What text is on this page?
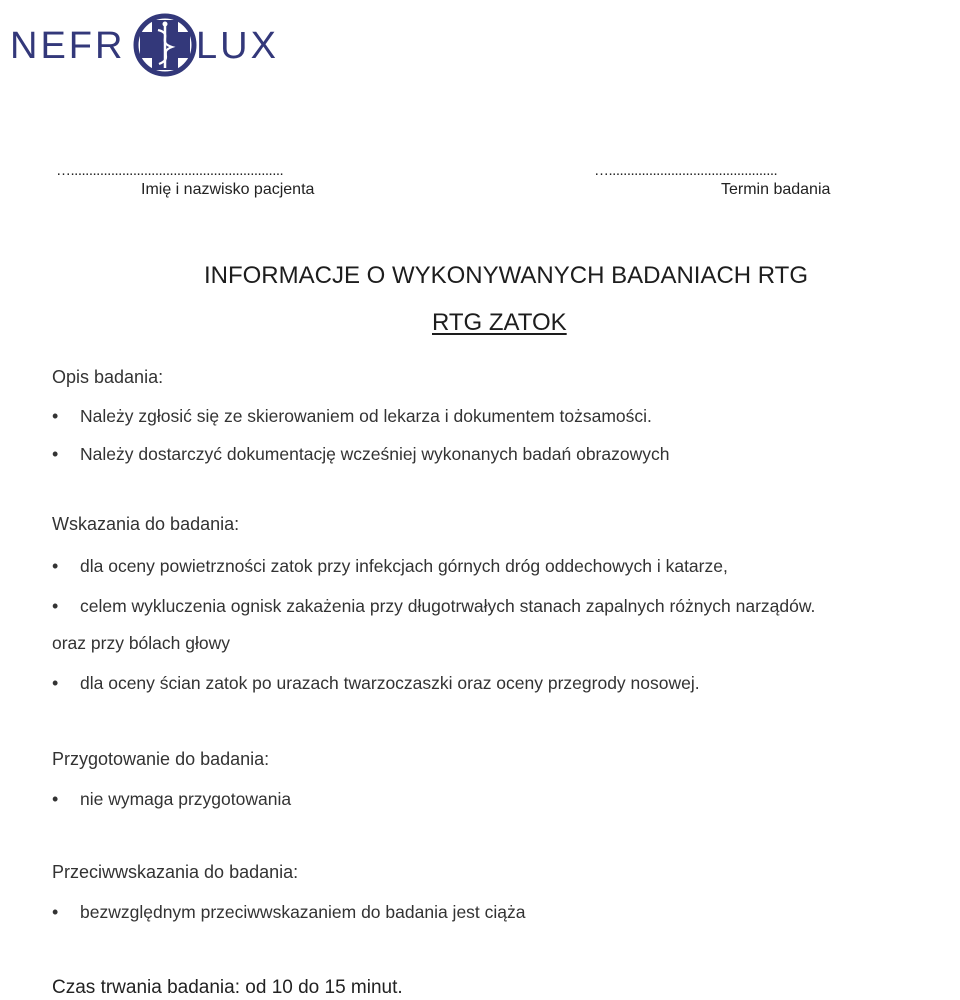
NEFR LUX
…..........................................................
Imię i nazwisko pacjenta
…..............................................
Termin badania
INFORMACJE O WYKONYWANYCH BADANIACH RTG
RTG ZATOK
Opis badania:
• Należy zgłosić się ze skierowaniem od lekarza i dokumentem tożsamości.
• Należy dostarczyć dokumentację wcześniej wykonanych badań obrazowych
Wskazania do badania:
• dla oceny powietrzności zatok przy infekcjach górnych dróg oddechowych i katarze,
• celem wykluczenia ognisk zakażenia przy długotrwałych stanach zapalnych różnych narządów.
oraz przy bólach głowy
• dla oceny ścian zatok po urazach twarzoczaszki oraz oceny przegrody nosowej.
Przygotowanie do badania:
• nie wymaga przygotowania
Przeciwwskazania do badania:
• bezwzględnym przeciwwskazaniem do badania jest ciąża
Czas trwania badania: od 10 do 15 minut.
